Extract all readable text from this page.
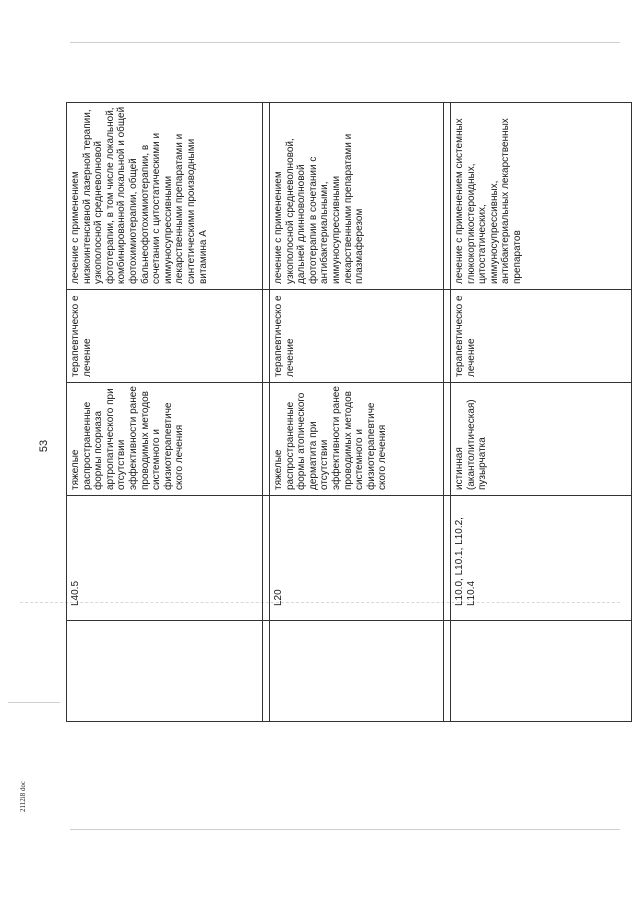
53
2112i8 doc
	L40.5	тяжелые распространенные формы псориаза артропатического при отсутствии эффективности ранее проводимых методов системного и физиотерапевтиче ского лечения	терапевтическо е лечение	лечение с применением низкоинтенсивной лазерной терапии, узкополосной средневолновой фототерапии, в том числе локальной, комбинированной локальной и общей фотохимиотерапии, общей бальнеофотохимиотерапии, в сочетании с цитостатическими и иммуносупрессивными лекарственными препаратами и синтетическими производными витамина А

	L20	тяжелые распространенные формы атопического дерматита при отсутствии эффективности ранее проводимых методов системного и физиотерапевтиче ского лечения	терапевтическо е лечение	лечение с применением узкополосной средневолновой, дальней длинноволновой фототерапии в сочетании с антибактериальными, иммуносупрессивными лекарственными препаратами и плазмаферезом

	L10.0, L10.1, L10.2, L10.4	истинная (акантолитическая) пузырчатка	терапевтическо е лечение	лечение с применением системных глюкокортикостероидных, цитостатических, иммуносупрессивных, антибактериальных лекарственных препаратов
